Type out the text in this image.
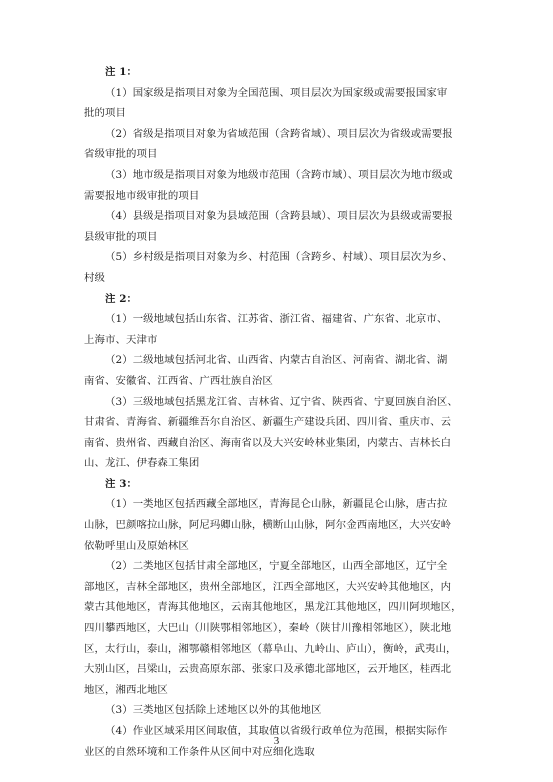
注 1：
（1）国家级是指项目对象为全国范围、项目层次为国家级或需要报国家审
批的项目
（2）省级是指项目对象为省域范围（含跨省域）、项目层次为省级或需要报
省级审批的项目
（3）地市级是指项目对象为地级市范围（含跨市域）、项目层次为地市级或
需要报地市级审批的项目
（4）县级是指项目对象为县域范围（含跨县域）、项目层次为县级或需要报
县级审批的项目
（5）乡村级是指项目对象为乡、村范围（含跨乡、村域）、项目层次为乡、
村级
注 2：
（1）一级地域包括山东省、江苏省、浙江省、福建省、广东省、北京市、
上海市、天津市
（2）二级地域包括河北省、山西省、内蒙古自治区、河南省、湖北省、湖
南省、安徽省、江西省、广西壮族自治区
（3）三级地域包括黑龙江省、吉林省、辽宁省、陕西省、宁夏回族自治区、
甘肃省、青海省、新疆维吾尔自治区、新疆生产建设兵团、四川省、重庆市、云
南省、贵州省、西藏自治区、海南省以及大兴安岭林业集团，内蒙古、吉林长白
山、龙江、伊春森工集团
注 3：
（1）一类地区包括西藏全部地区，青海昆仑山脉，新疆昆仑山脉，唐古拉
山脉，巴颜喀拉山脉，阿尼玛卿山脉，横断山山脉，阿尔金西南地区，大兴安岭
依勒呼里山及原始林区
（2）二类地区包括甘肃全部地区，宁夏全部地区，山西全部地区，辽宁全
部地区，吉林全部地区，贵州全部地区，江西全部地区，大兴安岭其他地区，内
蒙古其他地区，青海其他地区，云南其他地区，黑龙江其他地区，四川阿坝地区，
四川攀西地区，大巴山（川陕鄂相邻地区），秦岭（陕甘川豫相邻地区），陕北地
区，太行山，泰山，湘鄂赣相邻地区（幕阜山、九岭山、庐山），衡岭，武夷山，
大别山区，吕梁山，云贵高原东部、张家口及承德北部地区，云开地区，桂西北
地区，湘西北地区
（3）三类地区包括除上述地区以外的其他地区
（4）作业区域采用区间取值，其取值以省级行政单位为范围，根据实际作
业区的自然环境和工作条件从区间中对应细化选取
3
